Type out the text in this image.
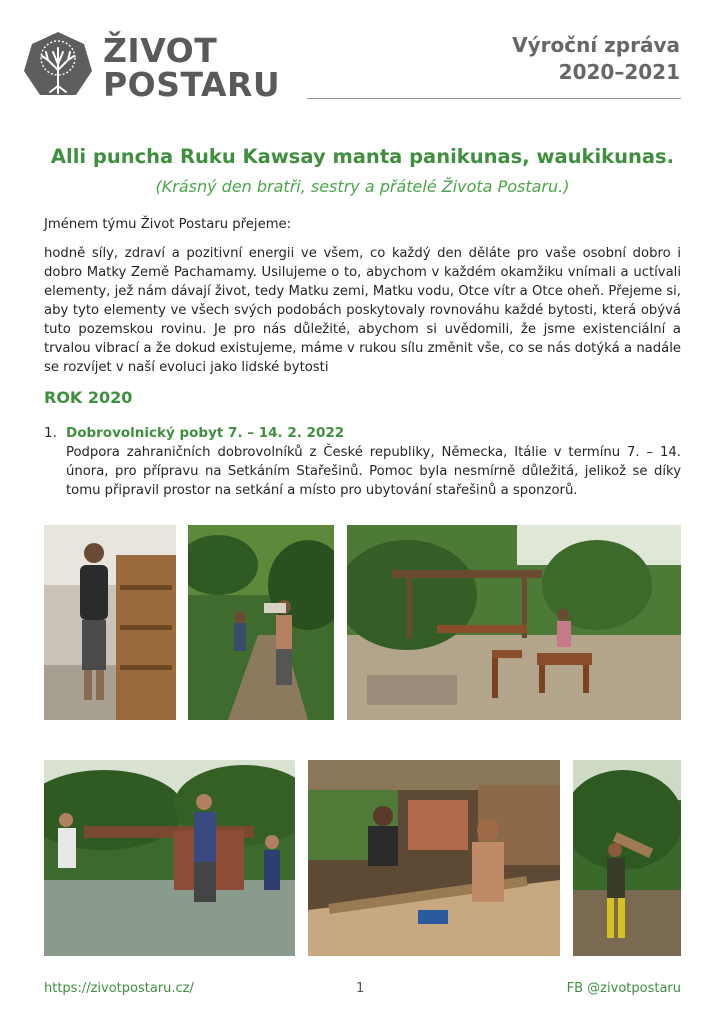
ŽIVOT
POSTARU
Výroční zpráva
2020–2021
Alli puncha Ruku Kawsay manta panikunas, waukikunas.
(Krásný den bratři, sestry a přátelé Života Postaru.)
Jménem týmu Život Postaru přejeme:
hodně síly, zdraví a pozitivní energii ve všem, co každý den děláte pro vaše osobní dobro i dobro Matky Země Pachamamy. Usilujeme o to, abychom v každém okamžiku vnímali a uctívali elementy, jež nám dávají život, tedy Matku zemi, Matku vodu, Otce vítr a Otce oheň. Přejeme si, aby tyto elementy ve všech svých podobách poskytovaly rovnováhu každé bytosti, která obývá tuto pozemskou rovinu. Je pro nás důležité, abychom si uvědomili, že jsme existenciální a trvalou vibrací a že dokud existujeme, máme v rukou sílu změnit vše, co se nás dotýká a nadále se rozvíjet v naší evoluci jako lidské bytosti
ROK 2020
1. Dobrovolnický pobyt 7. – 14. 2. 2022
Podpora zahraničních dobrovolníků z České republiky, Německa, Itálie v termínu 7. – 14. února, pro přípravu na Setkáním Stařešinů. Pomoc byla nesmírně důležitá, jelikož se díky tomu připravil prostor na setkání a místo pro ubytování stařešinů a sponzorů.
https://zivotpostaru.cz/	1	FB @zivotpostaru
